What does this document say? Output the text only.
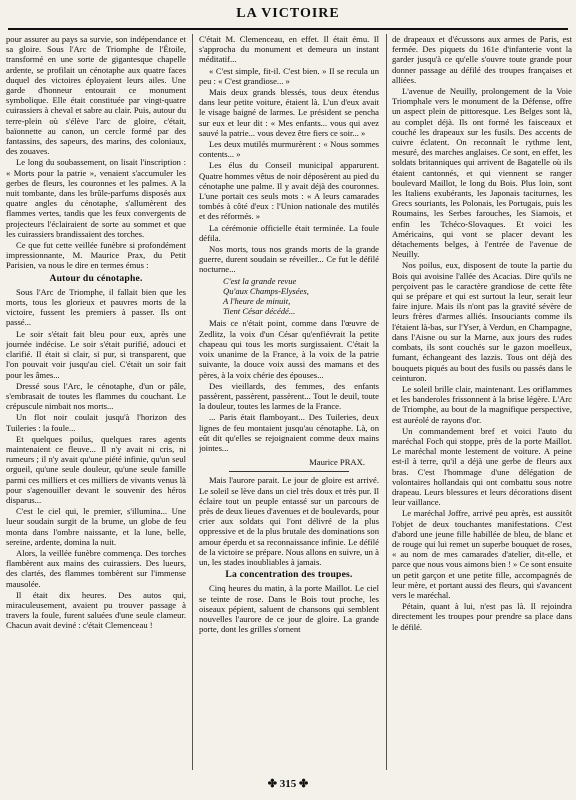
LA VICTOIRE

pour assurer au pays sa survie, son indépendance et sa gloire. Sous l'Arc de Triomphe de l'Étoile, transformé en une sorte de gigantesque chapelle ardente, se profilait un cénotaphe aux quatre faces duquel des victoires éployaient leurs ailes. Une garde d'honneur entourait ce monument symbolique. Elle était constituée par vingt-quatre cuirassiers à cheval et sabre au clair. Puis, autour du terre-plein où s'élève l'arc de gloire, c'était, baïonnette au canon, un cercle formé par des fantassins, des sapeurs, des marins, des coloniaux, des zouaves.

Le long du soubassement, on lisait l'inscription : « Morts pour la patrie », venaient s'accumuler les gerbes de fleurs, les couronnes et les palmes. A la nuit tombante, dans les brûle-parfums disposés aux quatre angles du cénotaphe, s'allumèrent des flammes vertes, tandis que les feux convergents de projecteurs l'éclairaient de sorte au sommet et que les cuirassiers brandissaient des torches.

Ce que fut cette veillée funèbre si profondément impressionnante, M. Maurice Prax, du Petit Parisien, va nous le dire en termes émus :

Autour du cénotaphe.

Sous l'Arc de Triomphe, il fallait bien que les morts, tous les glorieux et pauvres morts de la victoire, fussent les premiers à passer. Ils ont passé...

Le soir s'était fait bleu pour eux, après une journée indécise. Le soir s'était purifié, adouci et clarifié. Il était si clair, si pur, si transparent, que l'on pouvait voir jusqu'au ciel. C'était un soir fait pour les âmes...

Dressé sous l'Arc, le cénotaphe, d'un or pâle, s'embrasait de toutes les flammes du couchant. Le crépuscule nimbait nos morts...

Un flot noir coulait jusqu'à l'horizon des Tuileries : la foule...

Et quelques poilus, quelques rares agents maintenaient ce fleuve... Il n'y avait ni cris, ni rumeurs ; il n'y avait qu'une piété infinie, qu'un seul orgueil, qu'une seule douleur, qu'une seule famille parmi ces milliers et ces milliers de vivants venus là pour s'agenouiller devant le souvenir des héros disparus...

C'est le ciel qui, le premier, s'illumina... Une lueur soudain surgit de la brume, un globe de feu monta dans l'ombre naissante, et la lune, belle, sereine, ardente, domina la nuit.

Alors, la veillée funèbre commença. Des torches flambèrent aux mains des cuirassiers. Des lueurs, des clartés, des flammes tombèrent sur l'immense mausolée.

Il était dix heures. Des autos qui, miraculeusement, avaient pu trouver passage à travers la foule, furent saluées d'une seule clameur. Chacun avait deviné : c'était Clemenceau !

C'était M. Clemenceau, en effet. Il était ému. Il s'approcha du monument et demeura un instant méditatif...

« C'est simple, fit-il. C'est bien. » Il se recula un peu : « C'est grandiose... »

Mais deux grands blessés, tous deux étendus dans leur petite voiture, étaient là. L'un d'eux avait le visage baigné de larmes. Le président se pencha sur eux et leur dit : « Mes enfants... vous qui avez sauvé la patrie... vous devez être fiers ce soir... »

Les deux mutilés murmurèrent : « Nous sommes contents... »

Les élus du Conseil municipal apparurent. Quatre hommes vêtus de noir déposèrent au pied du cénotaphe une palme. Il y avait déjà des couronnes. L'une portait ces seuls mots : « A leurs camarades tombés à côté d'eux : l'Union nationale des mutilés et des réformés. »

La cérémonie officielle était terminée. La foule défila.

Nos morts, tous nos grands morts de la grande guerre, durent soudain se réveiller... Ce fut le défilé nocturne...

C'est la grande revue
Qu'aux Champs-Elysées,
A l'heure de minuit,
Tient César décédé...

Mais ce n'était point, comme dans l'œuvre de Zedlitz, la voix d'un César qu'enfiévrait la petite chapeau qui tous les morts surgissaient. C'était la voix unanime de la France, à la voix de la patrie suivante, la douce voix aussi des mamans et des pères, à la voix chérie des épouses...

Des vieillards, des femmes, des enfants passèrent, passèrent, passèrent... Tout le deuil, toute la douleur, toutes les larmes de la France.

... Paris était flamboyant... Des Tuileries, deux lignes de feu montaient jusqu'au cénotaphe. Là, on eût dit qu'elles se rejoignaient comme deux mains jointes...

Maurice PRAX.

Mais l'aurore parait. Le jour de gloire est arrivé. Le soleil se lève dans un ciel très doux et très pur. Il éclaire tout un peuple entassé sur un parcours de près de deux lieues d'avenues et de boulevards, pour crier aux soldats qui l'ont délivré de la plus oppressive et de la plus brutale des dominations son amour éperdu et sa reconnaissance infinie. Le défilé de la victoire se prépare. Nous allons en suivre, un à un, les stades inoubliables à jamais.

La concentration des troupes.

Cinq heures du matin, à la porte Maillot. Le ciel se teinte de rose. Dans le Bois tout proche, les oiseaux pépient, saluent de chansons qui semblent nouvelles l'aurore de ce jour de gloire. La grande porte, dont les grilles s'ornent

de drapeaux et d'écussons aux armes de Paris, est fermée. Des piquets du 161e d'infanterie vont la garder jusqu'à ce qu'elle s'ouvre toute grande pour donner passage au défilé des troupes françaises et alliées.

L'avenue de Neuilly, prolongement de la Voie Triomphale vers le monument de la Défense, offre un aspect plein de pittoresque. Les Belges sont là, au complet déjà. Ils ont formé les faisceaux et couché les drapeaux sur les fusils. Des accents de cuivre éclatent. On reconnaît le rythme lent, mesuré, des marches anglaises. Ce sont, en effet, les soldats britanniques qui arrivent de Bagatelle où ils étaient cantonnés, et qui viennent se ranger boulevard Maillot, le long du Bois. Plus loin, sont les Italiens exubérants, les Japonais taciturnes, les Grecs souriants, les Polonais, les Portugais, puis les Roumains, les Serbes farouches, les Siamois, et enfin les Tchéco-Slovaques. Et voici les Américains, qui vont se placer devant les détachements belges, à l'entrée de l'avenue de Neuilly.

Nos poilus, eux, disposent de toute la partie du Bois qui avoisine l'allée des Acacias. Dire qu'ils ne perçoivent pas le caractère grandiose de cette fête qui se prépare et qui est surtout la leur, serait leur faire injure. Mais ils n'ont pas la gravité sévère de leurs frères d'armes alliés. Insouciants comme ils l'étaient là-bas, sur l'Yser, à Verdun, en Champagne, dans l'Aisne ou sur la Marne, aux jours des rudes combats, ils sont couchés sur le gazon moelleux, fumant, échangeant des lazzis. Tous ont déjà des bouquets piqués au bout des fusils ou passés dans le ceinturon.

Le soleil brille clair, maintenant. Les oriflammes et les banderoles frissonnent à la brise légère. L'Arc de Triomphe, au bout de la magnifique perspective, est auréolé de rayons d'or.

Un commandement bref et voici l'auto du maréchal Foch qui stoppe, près de la porte Maillot. Le maréchal monte lestement de voiture. A peine est-il à terre, qu'il a déjà une gerbe de fleurs aux bras. C'est l'hommage d'une délégation de volontaires hollandais qui ont combattu sous notre drapeau. Leurs blessures et leurs décorations disent leur vaillance.

Le maréchal Joffre, arrivé peu après, est aussitôt l'objet de deux touchantes manifestations. C'est d'abord une jeune fille habillée de bleu, de blanc et de rouge qui lui remet un superbe bouquet de roses, « au nom de mes camarades d'atelier, dit-elle, et parce que nous vous aimons bien ! » Ce sont ensuite un petit garçon et une petite fille, accompagnés de leur mère, et portant aussi des fleurs, qui s'avancent vers le maréchal.

Pétain, quant à lui, n'est pas là. Il rejoindra directement les troupes pour prendre sa place dans le défilé.

✤ 315 ✤
